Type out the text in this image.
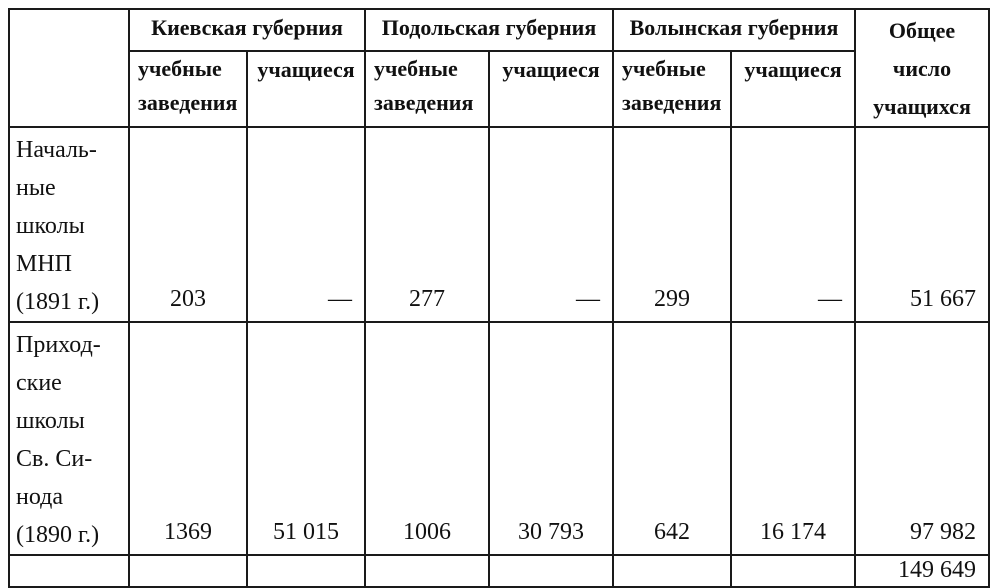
	Киевская губерния		Подольская губерния		Волынская губерния		Общее число учащихся
	учебные заведения	учащиеся	учебные заведения	учащиеся	учебные заведения	учащиеся	
Началь-ные школы МНП (1891 г.)	203	—	277	—	299	—	51 667
Приход-ские школы Св. Си-нода (1890 г.)	1369	51 015	1006	30 793	642	16 174	97 982
							149 649
